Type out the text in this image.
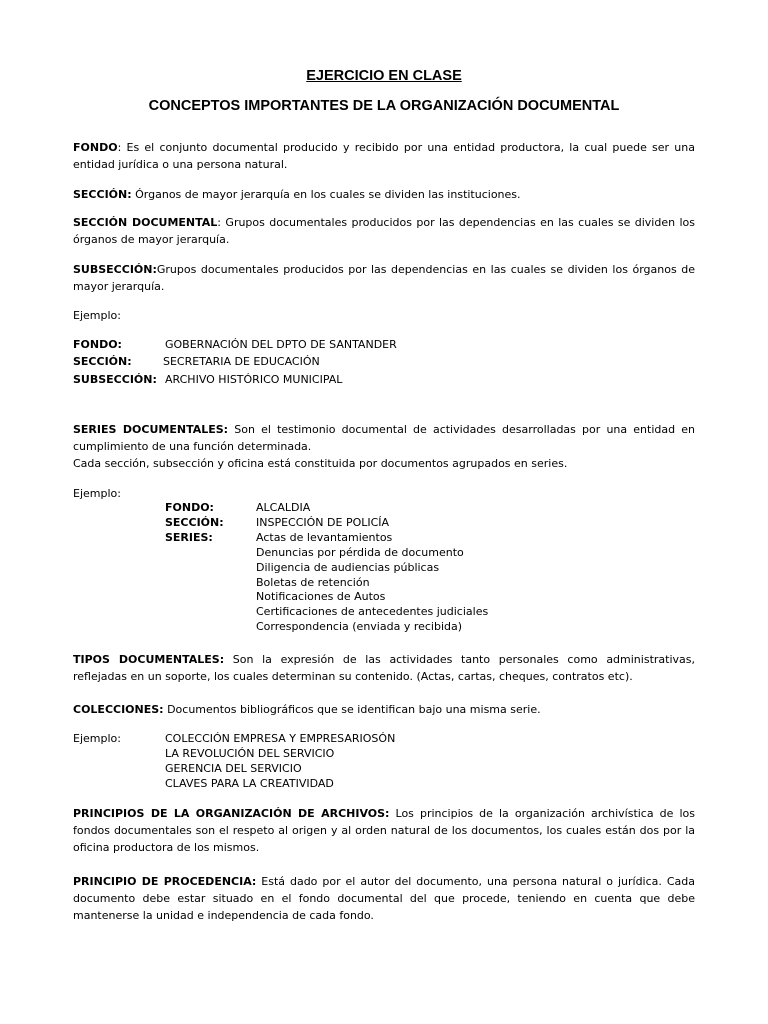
EJERCICIO EN CLASE
CONCEPTOS IMPORTANTES DE LA ORGANIZACIÓN DOCUMENTAL
FONDO: Es el conjunto documental producido y recibido por una entidad productora, la cual puede ser una entidad jurídica o una persona natural.
SECCIÓN: Órganos de mayor jerarquía en los cuales se dividen las instituciones.
SECCIÓN DOCUMENTAL: Grupos documentales producidos por las dependencias en las cuales se dividen los órganos de mayor jerarquía.
SUBSECCIÓN:Grupos documentales producidos por las dependencias en las cuales se dividen los órganos de mayor jerarquía.
Ejemplo:
FONDO:	GOBERNACIÓN DEL DPTO DE SANTANDER
SECCIÓN:	SECRETARIA DE EDUCACIÓN
SUBSECCIÓN: ARCHIVO HISTÓRICO MUNICIPAL
SERIES DOCUMENTALES: Son el testimonio documental de actividades desarrolladas por una entidad en cumplimiento de una función determinada.
Cada sección, subsección y oficina está constituida por documentos agrupados en series.
Ejemplo:
FONDO:	ALCALDIA
SECCIÓN:	INSPECCIÓN DE POLICÍA
SERIES:	Actas de levantamientos
Denuncias por pérdida de documento
Diligencia de audiencias públicas
Boletas de retención
Notificaciones de Autos
Certificaciones de antecedentes judiciales
Correspondencia (enviada y recibida)
TIPOS DOCUMENTALES: Son la expresión de las actividades tanto personales como administrativas, reflejadas en un soporte, los cuales determinan su contenido. (Actas, cartas, cheques, contratos etc).
COLECCIONES: Documentos bibliográficos que se identifican bajo una misma serie.
Ejemplo:	COLECCIÓN EMPRESA Y EMPRESARIOSÓN
LA REVOLUCIÓN DEL SERVICIO
GERENCIA DEL SERVICIO
CLAVES PARA LA CREATIVIDAD
PRINCIPIOS DE LA ORGANIZACIÓN DE ARCHIVOS: Los principios de la organización archivística de los fondos documentales son el respeto al origen y al orden natural de los documentos, los cuales están dos por la oficina productora de los mismos.
PRINCIPIO DE PROCEDENCIA: Está dado por el autor del documento, una persona natural o jurídica. Cada documento debe estar situado en el fondo documental del que procede, teniendo en cuenta que debe mantenerse la unidad e independencia de cada fondo.
